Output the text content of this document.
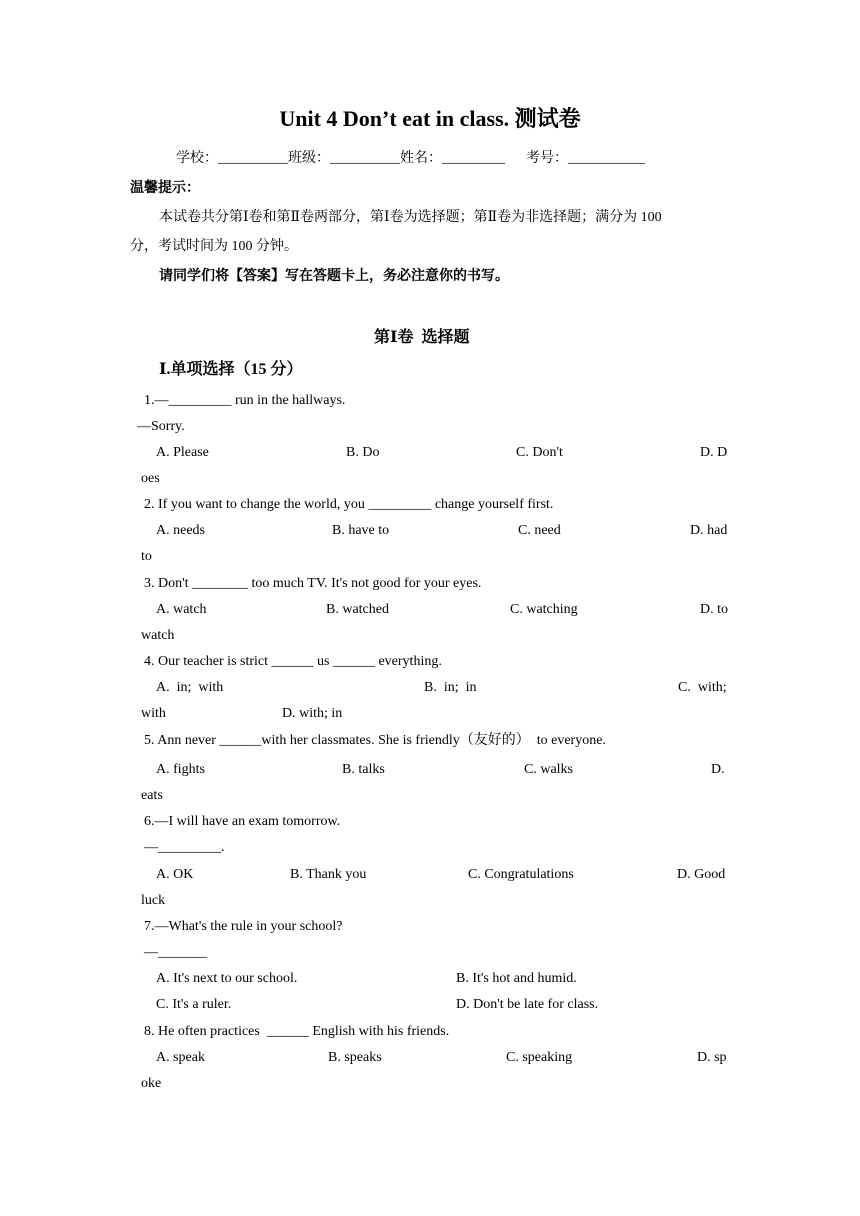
Unit 4 Don’t eat in class. 测试卷
学校：__________班级：__________姓名：_________      考号：___________
温馨提示：
本试卷共分第Ⅰ卷和第Ⅱ卷两部分，第Ⅰ卷为选择题；第Ⅱ卷为非选择题；满分为 100
分，考试时间为 100 分钟。
请同学们将【答案】写在答题卡上，务必注意你的书写。
第Ⅰ卷  选择题
Ⅰ.单项选择（15 分）
1.—_________ run in the hallways.
—Sorry.
A. Please	B. Do	C. Don't	D. D
oes
2. If you want to change the world, you _________ change yourself first.
A. needs	B. have to	C. need	D. had
to
3. Don't ________ too much TV. It's not good for your eyes.
A. watch	B. watched	C. watching	D. to
watch
4. Our teacher is strict ______ us ______ everything.
A.  in;  with	B.  in;  in	C.  with;
with	D. with; in
5. Ann never ______with her classmates. She is friendly（友好的）  to everyone.
A. fights	B. talks	C. walks	D.
eats
6.—I will have an exam tomorrow.
—_________.
A. OK	B. Thank you	C. Congratulations	D. Good
luck
7.—What's the rule in your school?
—_______
A. It's next to our school.	B. It's hot and humid.
C. It's a ruler.	D. Don't be late for class.
8. He often practices  ______ English with his friends.
A. speak	B. speaks	C. speaking	D. sp
oke
